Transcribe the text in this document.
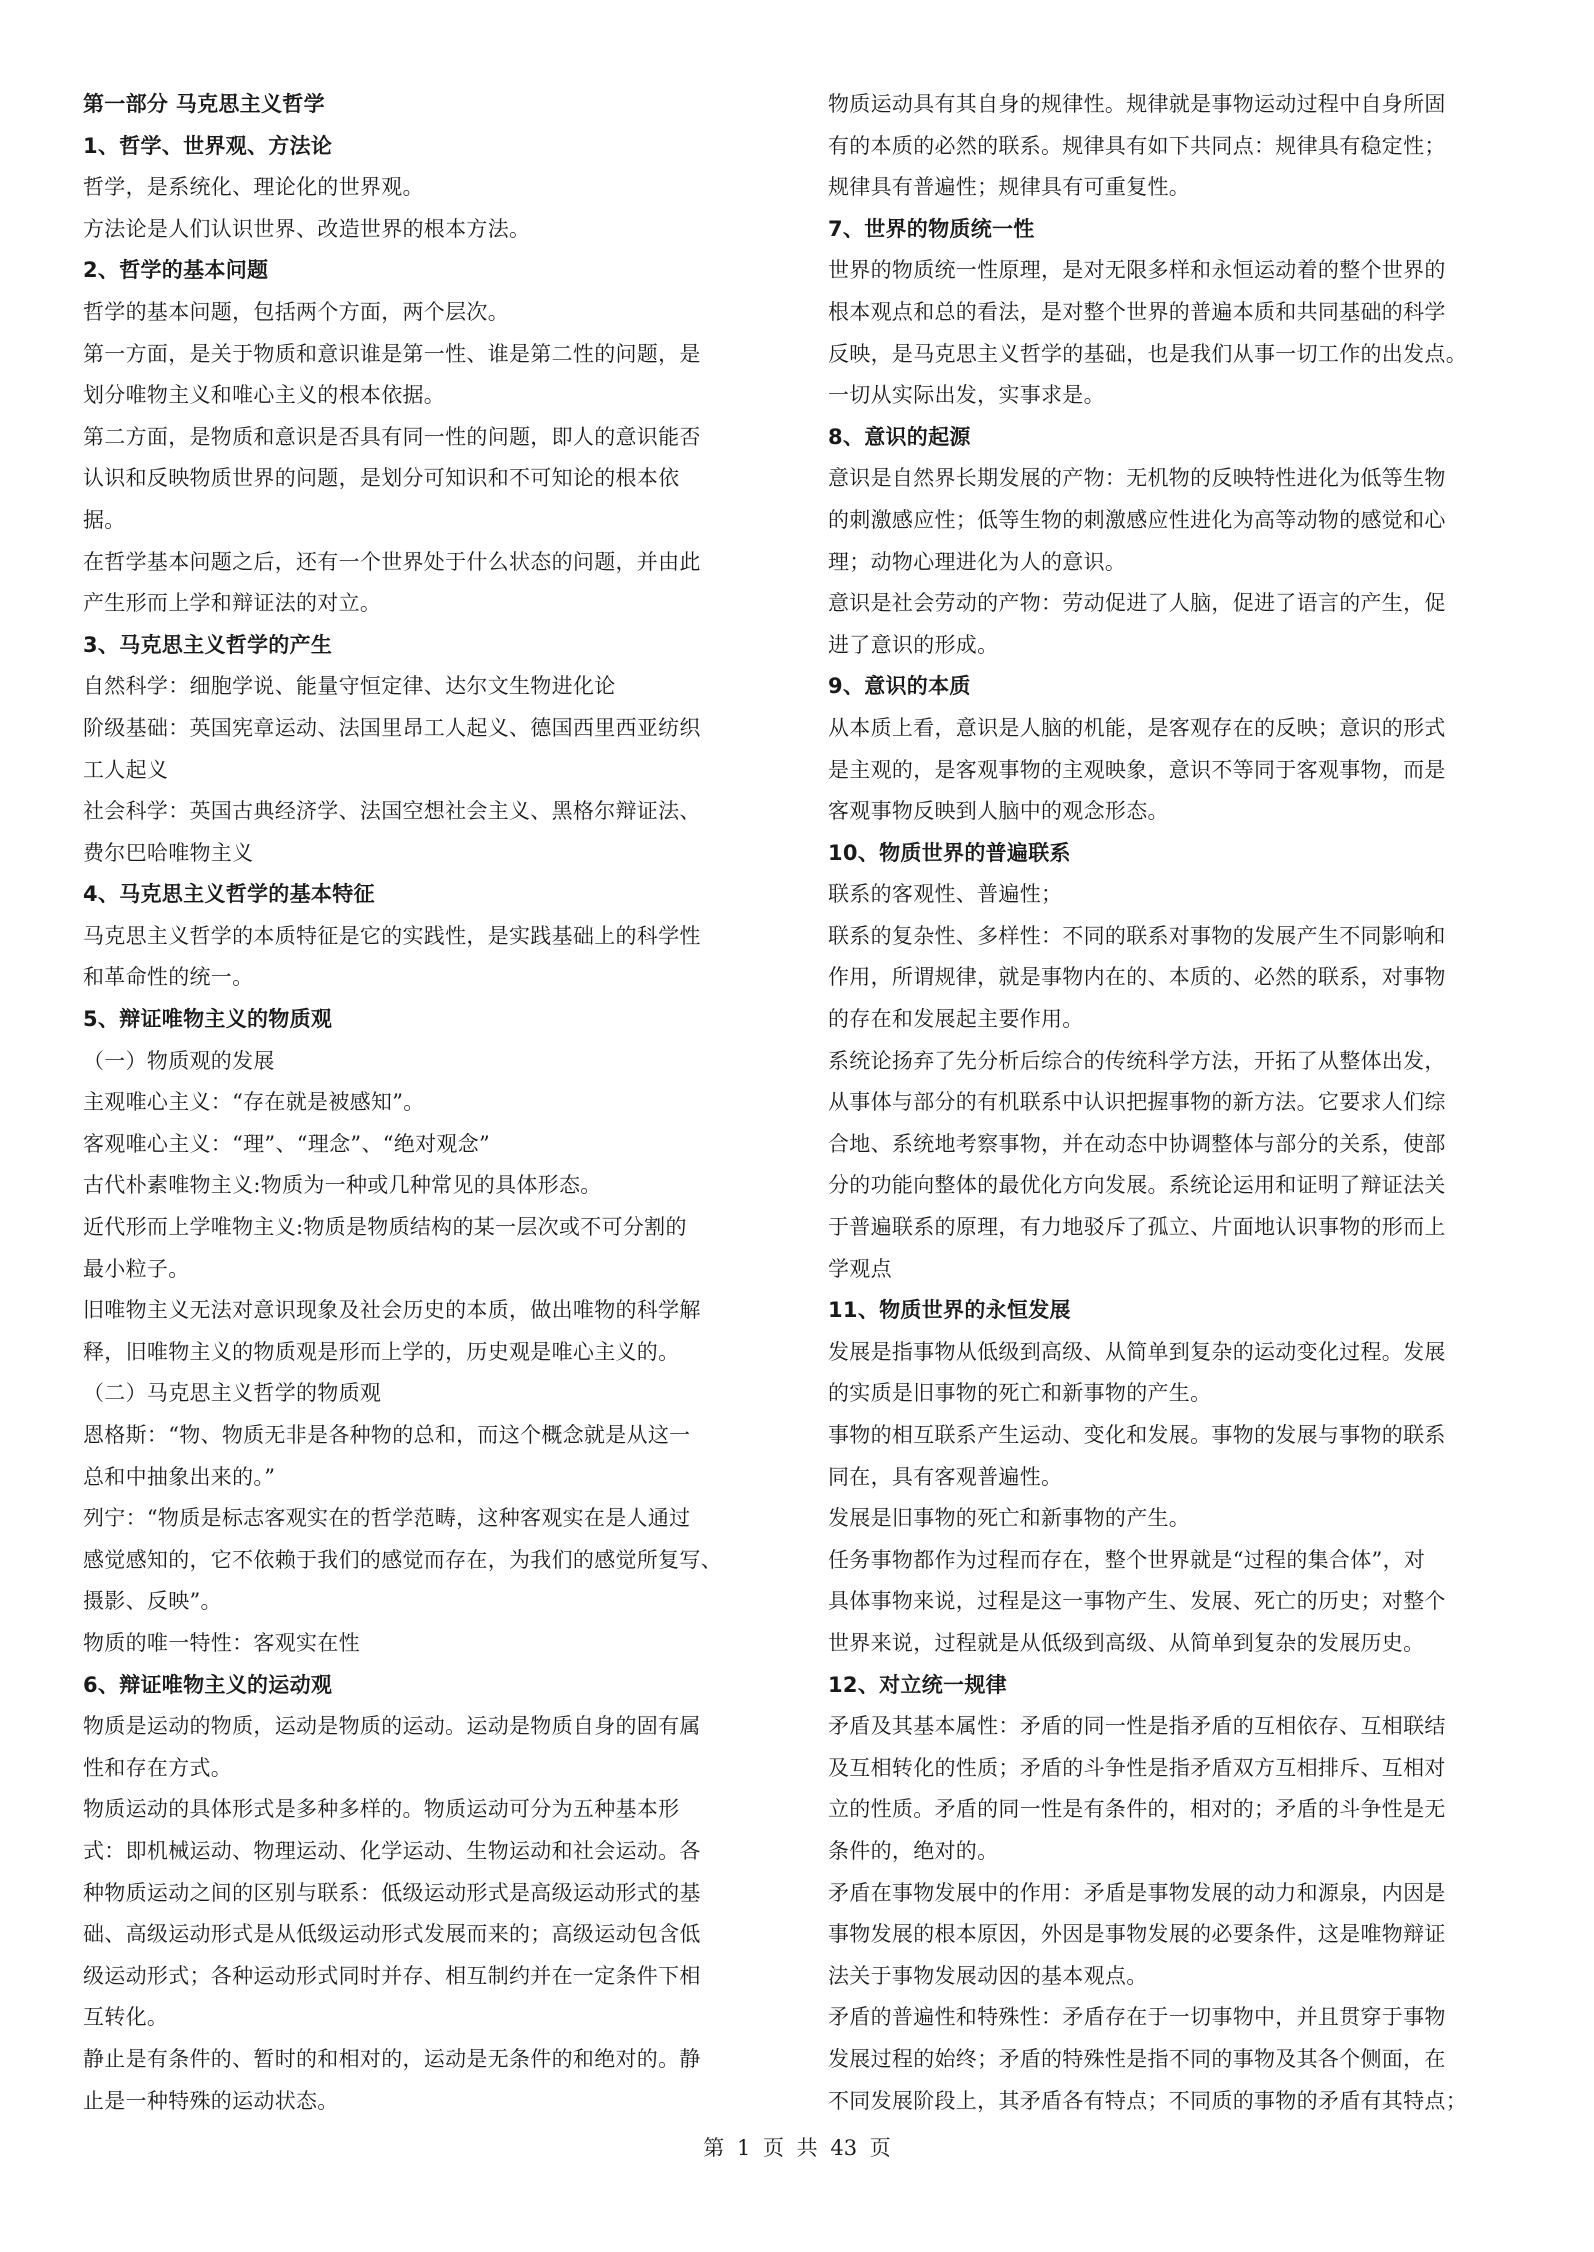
第一部分 马克思主义哲学
1、哲学、世界观、方法论
哲学，是系统化、理论化的世界观。
方法论是人们认识世界、改造世界的根本方法。
2、哲学的基本问题
哲学的基本问题，包括两个方面，两个层次。
第一方面，是关于物质和意识谁是第一性、谁是第二性的问题，是
划分唯物主义和唯心主义的根本依据。
第二方面，是物质和意识是否具有同一性的问题，即人的意识能否
认识和反映物质世界的问题，是划分可知识和不可知论的根本依
据。
在哲学基本问题之后，还有一个世界处于什么状态的问题，并由此
产生形而上学和辩证法的对立。
3、马克思主义哲学的产生
自然科学：细胞学说、能量守恒定律、达尔文生物进化论
阶级基础：英国宪章运动、法国里昂工人起义、德国西里西亚纺织
工人起义
社会科学：英国古典经济学、法国空想社会主义、黑格尔辩证法、
费尔巴哈唯物主义
4、马克思主义哲学的基本特征
马克思主义哲学的本质特征是它的实践性，是实践基础上的科学性
和革命性的统一。
5、辩证唯物主义的物质观
（一）物质观的发展
主观唯心主义：“存在就是被感知”。
客观唯心主义：“理”、“理念”、“绝对观念”
古代朴素唯物主义:物质为一种或几种常见的具体形态。
近代形而上学唯物主义:物质是物质结构的某一层次或不可分割的
最小粒子。
旧唯物主义无法对意识现象及社会历史的本质，做出唯物的科学解
释，旧唯物主义的物质观是形而上学的，历史观是唯心主义的。
（二）马克思主义哲学的物质观
恩格斯：“物、物质无非是各种物的总和，而这个概念就是从这一
总和中抽象出来的。”
列宁：“物质是标志客观实在的哲学范畴，这种客观实在是人通过
感觉感知的，它不依赖于我们的感觉而存在，为我们的感觉所复写、
摄影、反映”。
物质的唯一特性：客观实在性
6、辩证唯物主义的运动观
物质是运动的物质，运动是物质的运动。运动是物质自身的固有属
性和存在方式。
物质运动的具体形式是多种多样的。物质运动可分为五种基本形
式：即机械运动、物理运动、化学运动、生物运动和社会运动。各
种物质运动之间的区别与联系：低级运动形式是高级运动形式的基
础、高级运动形式是从低级运动形式发展而来的；高级运动包含低
级运动形式；各种运动形式同时并存、相互制约并在一定条件下相
互转化。
静止是有条件的、暂时的和相对的，运动是无条件的和绝对的。静
止是一种特殊的运动状态。
物质运动具有其自身的规律性。规律就是事物运动过程中自身所固
有的本质的必然的联系。规律具有如下共同点：规律具有稳定性；
规律具有普遍性；规律具有可重复性。
7、世界的物质统一性
世界的物质统一性原理，是对无限多样和永恒运动着的整个世界的
根本观点和总的看法，是对整个世界的普遍本质和共同基础的科学
反映，是马克思主义哲学的基础，也是我们从事一切工作的出发点。
一切从实际出发，实事求是。
8、意识的起源
意识是自然界长期发展的产物：无机物的反映特性进化为低等生物
的刺激感应性；低等生物的刺激感应性进化为高等动物的感觉和心
理；动物心理进化为人的意识。
意识是社会劳动的产物：劳动促进了人脑，促进了语言的产生，促
进了意识的形成。
9、意识的本质
从本质上看，意识是人脑的机能，是客观存在的反映；意识的形式
是主观的，是客观事物的主观映象，意识不等同于客观事物，而是
客观事物反映到人脑中的观念形态。
10、物质世界的普遍联系
联系的客观性、普遍性；
联系的复杂性、多样性：不同的联系对事物的发展产生不同影响和
作用，所谓规律，就是事物内在的、本质的、必然的联系，对事物
的存在和发展起主要作用。
系统论扬弃了先分析后综合的传统科学方法，开拓了从整体出发，
从事体与部分的有机联系中认识把握事物的新方法。它要求人们综
合地、系统地考察事物，并在动态中协调整体与部分的关系，使部
分的功能向整体的最优化方向发展。系统论运用和证明了辩证法关
于普遍联系的原理，有力地驳斥了孤立、片面地认识事物的形而上
学观点
11、物质世界的永恒发展
发展是指事物从低级到高级、从简单到复杂的运动变化过程。发展
的实质是旧事物的死亡和新事物的产生。
事物的相互联系产生运动、变化和发展。事物的发展与事物的联系
同在，具有客观普遍性。
发展是旧事物的死亡和新事物的产生。
任务事物都作为过程而存在，整个世界就是“过程的集合体”，对
具体事物来说，过程是这一事物产生、发展、死亡的历史；对整个
世界来说，过程就是从低级到高级、从简单到复杂的发展历史。
12、对立统一规律
矛盾及其基本属性：矛盾的同一性是指矛盾的互相依存、互相联结
及互相转化的性质；矛盾的斗争性是指矛盾双方互相排斥、互相对
立的性质。矛盾的同一性是有条件的，相对的；矛盾的斗争性是无
条件的，绝对的。
矛盾在事物发展中的作用：矛盾是事物发展的动力和源泉，内因是
事物发展的根本原因，外因是事物发展的必要条件，这是唯物辩证
法关于事物发展动因的基本观点。
矛盾的普遍性和特殊性：矛盾存在于一切事物中，并且贯穿于事物
发展过程的始终；矛盾的特殊性是指不同的事物及其各个侧面，在
不同发展阶段上，其矛盾各有特点；不同质的事物的矛盾有其特点；
第 1 页 共 43 页
